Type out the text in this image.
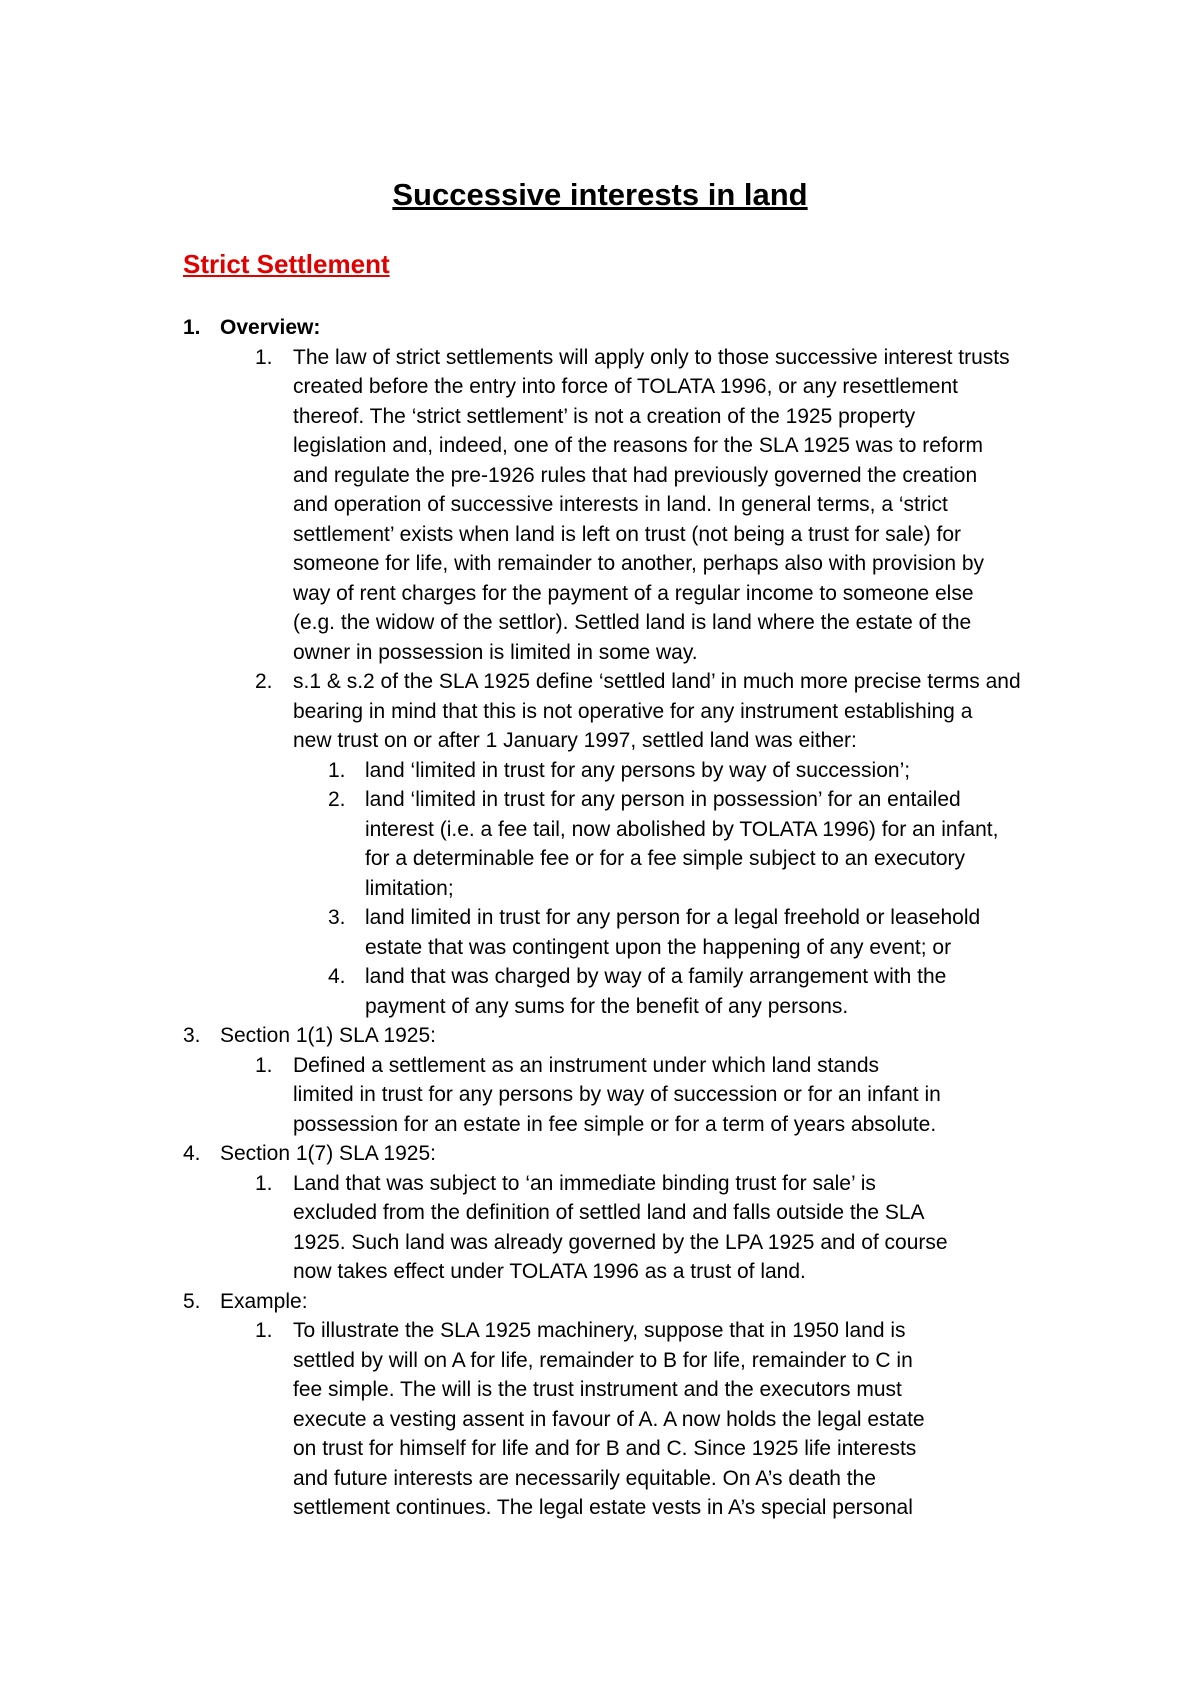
Successive interests in land
Strict Settlement
1. Overview:
1. The law of strict settlements will apply only to those successive interest trusts
created before the entry into force of TOLATA 1996, or any resettlement
thereof. The ‘strict settlement’ is not a creation of the 1925 property
legislation and, indeed, one of the reasons for the SLA 1925 was to reform
and regulate the pre-1926 rules that had previously governed the creation
and operation of successive interests in land. In general terms, a ‘strict
settlement’ exists when land is left on trust (not being a trust for sale) for
someone for life, with remainder to another, perhaps also with provision by
way of rent charges for the payment of a regular income to someone else
(e.g. the widow of the settlor). Settled land is land where the estate of the
owner in possession is limited in some way.
2. s.1 & s.2 of the SLA 1925 define ‘settled land’ in much more precise terms and
bearing in mind that this is not operative for any instrument establishing a
new trust on or after 1 January 1997, settled land was either:
1. land ‘limited in trust for any persons by way of succession’;
2. land ‘limited in trust for any person in possession’ for an entailed
interest (i.e. a fee tail, now abolished by TOLATA 1996) for an infant,
for a determinable fee or for a fee simple subject to an executory
limitation;
3. land limited in trust for any person for a legal freehold or leasehold
estate that was contingent upon the happening of any event; or
4. land that was charged by way of a family arrangement with the
payment of any sums for the benefit of any persons.
3. Section 1(1) SLA 1925:
1. Defined a settlement as an instrument under which land stands
limited in trust for any persons by way of succession or for an infant in
possession for an estate in fee simple or for a term of years absolute.
4. Section 1(7) SLA 1925:
1. Land that was subject to ‘an immediate binding trust for sale’ is
excluded from the definition of settled land and falls outside the SLA
1925. Such land was already governed by the LPA 1925 and of course
now takes effect under TOLATA 1996 as a trust of land.
5. Example:
1. To illustrate the SLA 1925 machinery, suppose that in 1950 land is
settled by will on A for life, remainder to B for life, remainder to C in
fee simple. The will is the trust instrument and the executors must
execute a vesting assent in favour of A. A now holds the legal estate
on trust for himself for life and for B and C. Since 1925 life interests
and future interests are necessarily equitable. On A’s death the
settlement continues. The legal estate vests in A’s special personal
